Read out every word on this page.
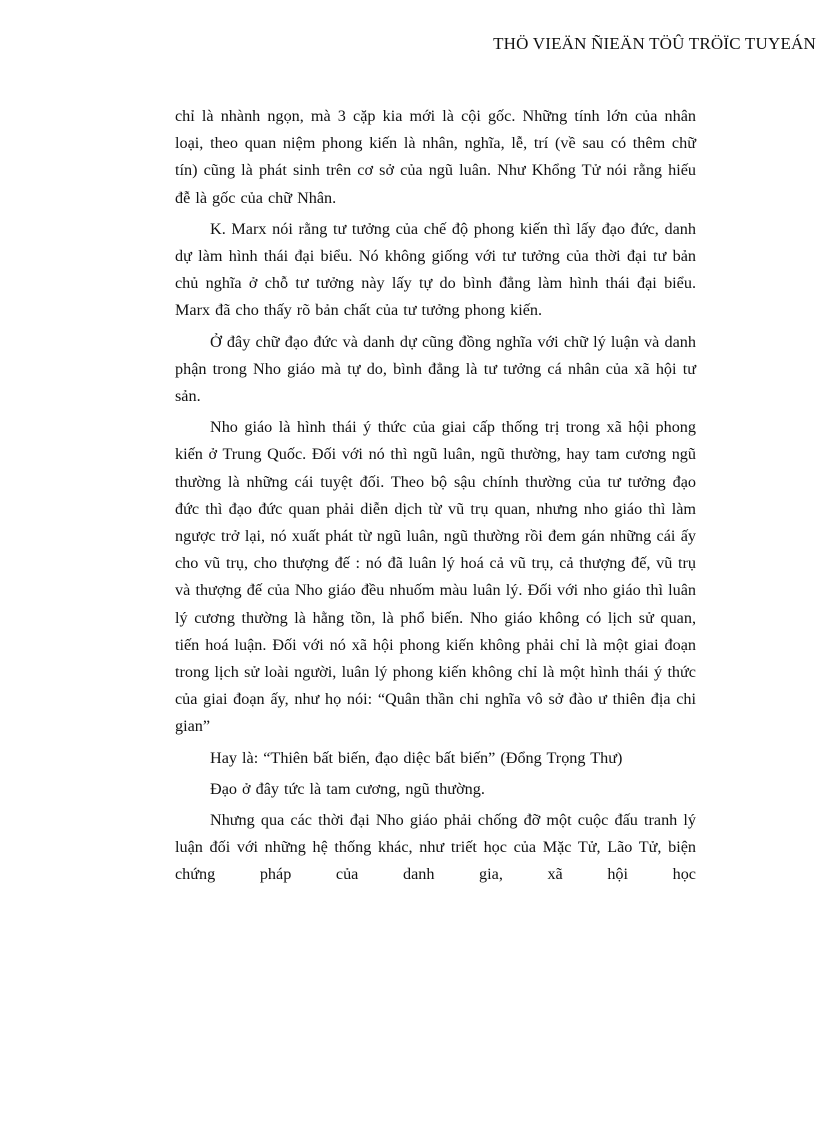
THÖ VIEÄN ÑIEÄN TÖÛ TRÖÏC TUYEÁN

chỉ là nhành ngọn, mà 3 cặp kia mới là cội gốc. Những tính lớn của nhân loại, theo quan niệm phong kiến là nhân, nghĩa, lễ, trí (về sau có thêm chữ tín) cũng là phát sinh trên cơ sở của ngũ luân. Như Khổng Tử nói rằng hiếu đễ là gốc của chữ Nhân.

K. Marx nói rằng tư tưởng của chế độ phong kiến thì lấy đạo đức, danh dự làm hình thái đại biểu. Nó không giống với tư tưởng của thời đại tư bản chủ nghĩa ở chỗ tư tưởng này lấy tự do bình đẳng làm hình thái đại biểu. Marx đã cho thấy rõ bản chất của tư tưởng phong kiến.

Ở đây chữ đạo đức và danh dự cũng đồng nghĩa với chữ lý luận và danh phận trong Nho giáo mà tự do, bình đẳng là tư tưởng cá nhân của xã hội tư sản.

Nho giáo là hình thái ý thức của giai cấp thống trị trong xã hội phong kiến ở Trung Quốc. Đối với nó thì ngũ luân, ngũ thường, hay tam cương ngũ thường là những cái tuyệt đối. Theo bộ sậu chính thường của tư tưởng đạo đức thì đạo đức quan phải diễn dịch từ vũ trụ quan, nhưng nho giáo thì làm ngược trở lại, nó xuất phát từ ngũ luân, ngũ thường rồi đem gán những cái ấy cho vũ trụ, cho thượng đế : nó đã luân lý hoá cả vũ trụ, cả thượng đế, vũ trụ và thượng đế của Nho giáo đều nhuốm màu luân lý. Đối với nho giáo thì luân lý cương thường là hằng tồn, là phổ biến. Nho giáo không có lịch sử quan, tiến hoá luận. Đối với nó xã hội phong kiến không phải chỉ là một giai đoạn trong lịch sử loài người, luân lý phong kiến không chỉ là một hình thái ý thức của giai đoạn ấy, như họ nói: “Quân thần chi nghĩa vô sở đào ư thiên địa chi gian”

Hay là: “Thiên bất biến, đạo diệc bất biến” (Đổng Trọng Thư)

Đạo ở đây tức là tam cương, ngũ thường.

Nhưng qua các thời đại Nho giáo phải chống đỡ một cuộc đấu tranh lý luận đối với những hệ thống khác, như triết học của Mặc Tử, Lão Tử, biện chứng pháp của danh gia, xã hội học
